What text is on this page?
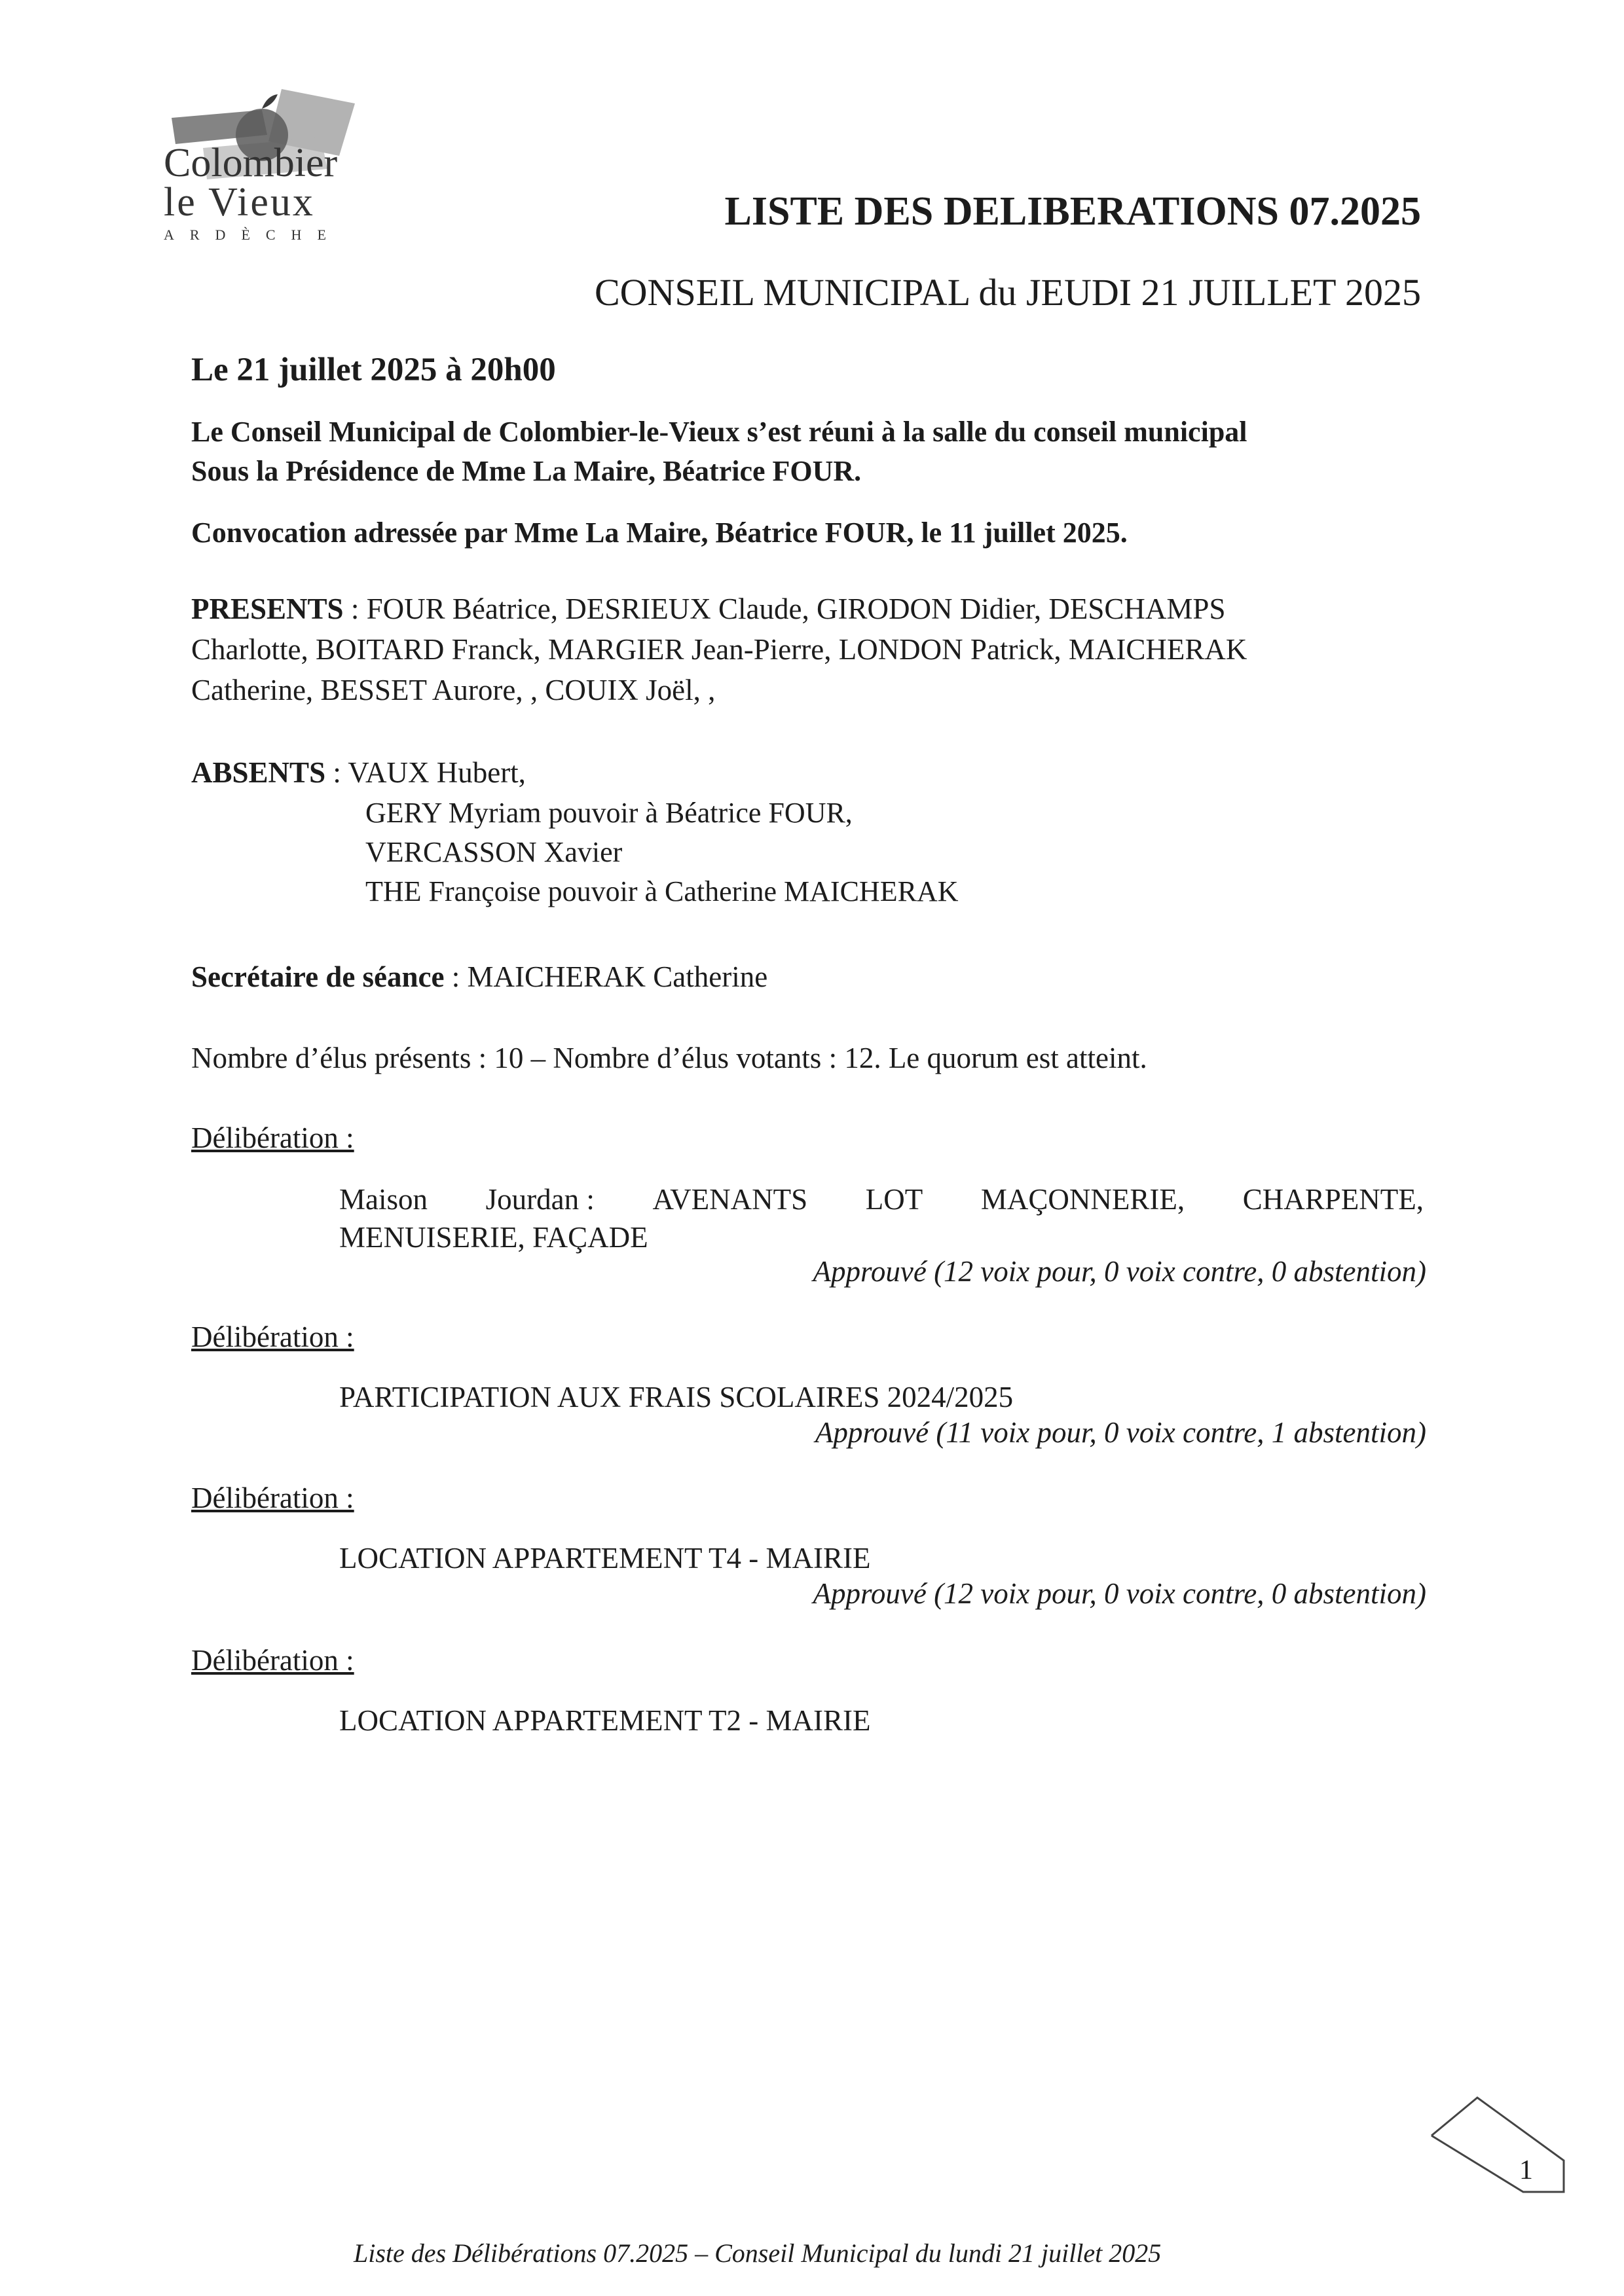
Colombier
le Vieux
ARDÈCHE
LISTE DES DELIBERATIONS 07.2025
CONSEIL MUNICIPAL du JEUDI 21 JUILLET 2025
Le 21 juillet 2025 à 20h00
Le Conseil Municipal de Colombier-le-Vieux s’est réuni à la salle du conseil municipal
Sous la Présidence de Mme La Maire, Béatrice FOUR.
Convocation adressée par Mme La Maire, Béatrice FOUR, le 11 juillet 2025.
PRESENTS : FOUR Béatrice, DESRIEUX Claude, GIRODON Didier, DESCHAMPS
Charlotte, BOITARD Franck, MARGIER Jean-Pierre, LONDON Patrick, MAICHERAK
Catherine, BESSET Aurore, , COUIX Joël, ,
ABSENTS : VAUX Hubert,
GERY Myriam pouvoir à Béatrice FOUR,
VERCASSON Xavier
THE Françoise pouvoir à Catherine MAICHERAK
Secrétaire de séance : MAICHERAK Catherine
Nombre d’élus présents : 10 – Nombre d’élus votants : 12. Le quorum est atteint.
Délibération :
Maison Jourdan : AVENANTS LOT MAÇONNERIE, CHARPENTE,
MENUISERIE, FAÇADE
Approuvé (12 voix pour, 0 voix contre, 0 abstention)
Délibération :
PARTICIPATION AUX FRAIS SCOLAIRES 2024/2025
Approuvé (11 voix pour, 0 voix contre, 1 abstention)
Délibération :
LOCATION APPARTEMENT T4 - MAIRIE
Approuvé (12 voix pour, 0 voix contre, 0 abstention)
Délibération :
LOCATION APPARTEMENT T2 - MAIRIE
1
Liste des Délibérations 07.2025 – Conseil Municipal du lundi 21 juillet 2025
